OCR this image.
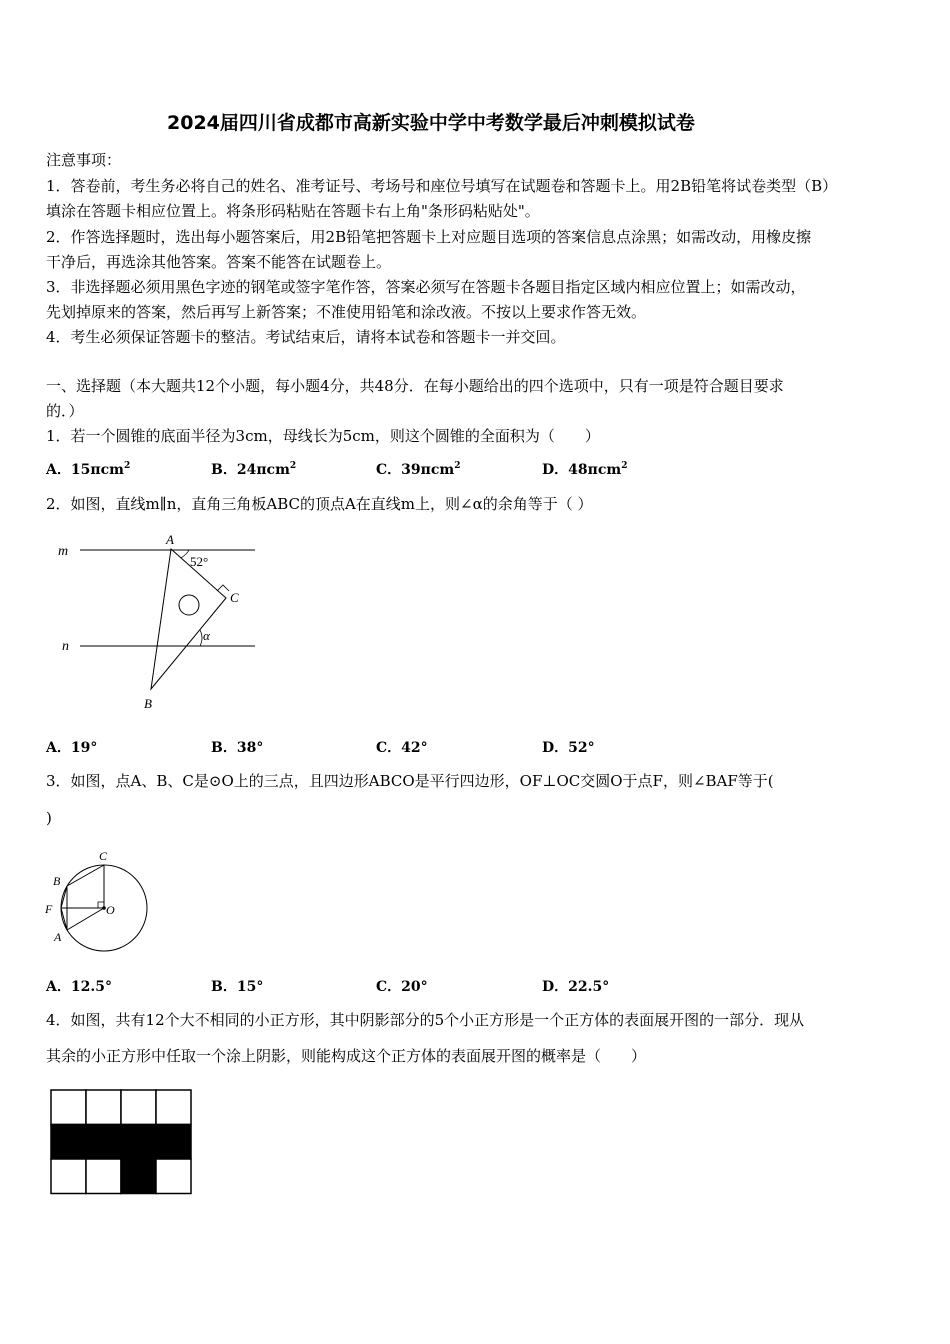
2024届四川省成都市高新实验中学中考数学最后冲刺模拟试卷
注意事项：
1．答卷前，考生务必将自己的姓名、准考证号、考场号和座位号填写在试题卷和答题卡上。用2B铅笔将试卷类型（B）
填涂在答题卡相应位置上。将条形码粘贴在答题卡右上角"条形码粘贴处"。
2．作答选择题时，选出每小题答案后，用2B铅笔把答题卡上对应题目选项的答案信息点涂黑；如需改动，用橡皮擦
干净后，再选涂其他答案。答案不能答在试题卷上。
3．非选择题必须用黑色字迹的钢笔或签字笔作答，答案必须写在答题卡各题目指定区域内相应位置上；如需改动，
先划掉原来的答案，然后再写上新答案；不准使用铅笔和涂改液。不按以上要求作答无效。
4．考生必须保证答题卡的整洁。考试结束后，请将本试卷和答题卡一并交回。
一、选择题（本大题共12个小题，每小题4分，共48分．在每小题给出的四个选项中，只有一项是符合题目要求
的．）
1．若一个圆锥的底面半径为3cm，母线长为5cm，则这个圆锥的全面积为（　　）
A．15πcm$^2$	B．24πcm$^2$	C．39πcm$^2$	D．48πcm$^2$
2．如图，直线m∥n，直角三角板ABC的顶点A在直线m上，则∠α的余角等于（ ）
m
n
A
B
C
52°
α
A．19°	B．38°	C．42°	D．52°
3．如图，点A、B、C是⊙O上的三点，且四边形ABCO是平行四边形，OF⊥OC交圆O于点F，则∠BAF等于(
)
C
B
F	O
A
A．12.5°	B．15°	C．20°	D．22.5°
4．如图，共有12个大不相同的小正方形，其中阴影部分的5个小正方形是一个正方体的表面展开图的一部分．现从
其余的小正方形中任取一个涂上阴影，则能构成这个正方体的表面展开图的概率是（　　）
